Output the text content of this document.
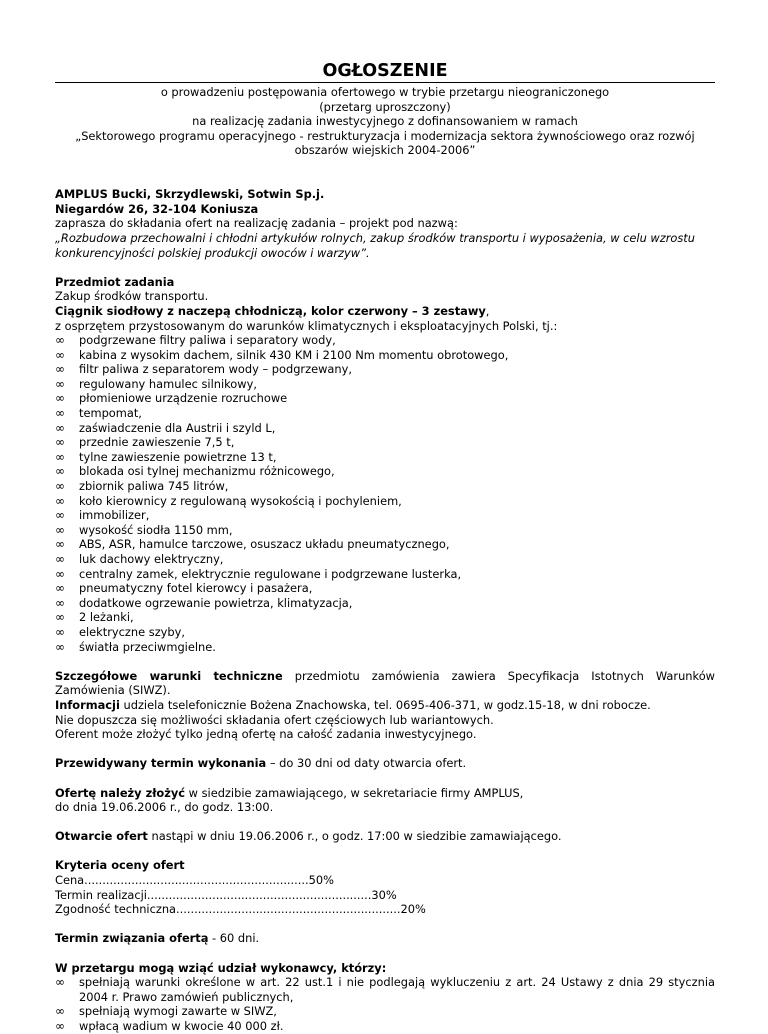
OGŁOSZENIE

o prowadzeniu postępowania ofertowego w trybie przetargu nieograniczonego

(przetarg uproszczony)

na realizację zadania inwestycyjnego z dofinansowaniem w ramach

„Sektorowego programu operacyjnego - restrukturyzacja i modernizacja sektora żywnościowego oraz rozwój

obszarów wiejskich 2004-2006”

AMPLUS Bucki, Skrzydlewski, Sotwin Sp.j.

Niegardów 26, 32-104 Koniusza

zaprasza do składania ofert na realizację zadania – projekt pod nazwą:

„Rozbudowa przechowalni i chłodni artykułów rolnych, zakup środków transportu i wyposażenia, w celu wzrostu

konkurencyjności polskiej produkcji owoców i warzyw”.

Przedmiot zadania

Zakup środków transportu.

Ciągnik siodłowy z naczepą chłodniczą, kolor czerwony – 3 zestawy,

z osprzętem przystosowanym do warunków klimatycznych i eksploatacyjnych Polski, tj.:

∞ podgrzewane filtry paliwa i separatory wody,
∞ kabina z wysokim dachem, silnik 430 KM i 2100 Nm momentu obrotowego,
∞ filtr paliwa z separatorem wody – podgrzewany,
∞ regulowany hamulec silnikowy,
∞ płomieniowe urządzenie rozruchowe
∞ tempomat,
∞ zaświadczenie dla Austrii i szyld L,
∞ przednie zawieszenie 7,5 t,
∞ tylne zawieszenie powietrzne 13 t,
∞ blokada osi tylnej mechanizmu różnicowego,
∞ zbiornik paliwa 745 litrów,
∞ koło kierownicy z regulowaną wysokością i pochyleniem,
∞ immobilizer,
∞ wysokość siodła 1150 mm,
∞ ABS, ASR, hamulce tarczowe, osuszacz układu pneumatycznego,
∞ luk dachowy elektryczny,
∞ centralny zamek, elektrycznie regulowane i podgrzewane lusterka,
∞ pneumatyczny fotel kierowcy i pasażera,
∞ dodatkowe ogrzewanie powietrza, klimatyzacja,
∞ 2 leżanki,
∞ elektryczne szyby,
∞ światła przeciwmgielne.

Szczegółowe warunki techniczne przedmiotu zamówienia zawiera Specyfikacja Istotnych Warunków Zamówienia (SIWZ).

Informacji udziela tselefonicznie Bożena Znachowska, tel. 0695-406-371, w godz.15-18, w dni robocze.

Nie dopuszcza się możliwości składania ofert częściowych lub wariantowych.

Oferent może złożyć tylko jedną ofertę na całość zadania inwestycyjnego.

Przewidywany termin wykonania – do 30 dni od daty otwarcia ofert.

Ofertę należy złożyć w siedzibie zamawiającego, w sekretariacie firmy AMPLUS,

do dnia 19.06.2006 r., do godz. 13:00.

Otwarcie ofert nastąpi w dniu 19.06.2006 r., o godz. 17:00 w siedzibie zamawiającego.

Kryteria oceny ofert

Cena .............................................................. 50%
Termin realizacji .............................................................. 30%
Zgodność techniczna .............................................................. 20%

Termin związania ofertą - 60 dni.

W przetargu mogą wziąć udział wykonawcy, którzy:

∞ spełniają warunki określone w art. 22 ust.1 i nie podlegają wykluczeniu z art. 24 Ustawy z dnia 29 stycznia 2004 r. Prawo zamówień publicznych,
∞ spełniają wymogi zawarte w SIWZ,
∞ wpłacą wadium w kwocie 40 000 zł.
